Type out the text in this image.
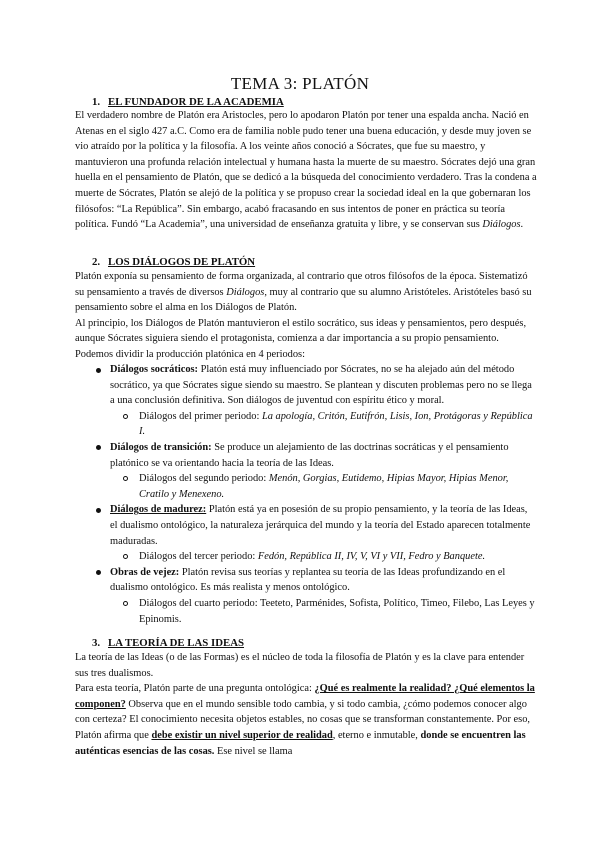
TEMA 3: PLATÓN
1. EL FUNDADOR DE LA ACADEMIA

El verdadero nombre de Platón era Aristocles, pero lo apodaron Platón por tener una espalda ancha. Nació en Atenas en el siglo 427 a.C. Como era de familia noble pudo tener una buena educación, y desde muy joven se vio atraído por la política y la filosofía. A los veinte años conoció a Sócrates, que fue su maestro, y mantuvieron una profunda relación intelectual y humana hasta la muerte de su maestro. Sócrates dejó una gran huella en el pensamiento de Platón, que se dedicó a la búsqueda del conocimiento verdadero. Tras la condena a muerte de Sócrates, Platón se alejó de la política y se propuso crear la sociedad ideal en la que gobernaran los filósofos: “La República”. Sin embargo, acabó fracasando en sus intentos de poner en práctica su teoría política. Fundó “La Academia”, una universidad de enseñanza gratuita y libre, y se conservan sus Diálogos.

2. LOS DIÁLOGOS DE PLATÓN

Platón exponía su pensamiento de forma organizada, al contrario que otros filósofos de la época. Sistematizó su pensamiento a través de diversos Diálogos, muy al contrario que su alumno Aristóteles. Aristóteles basó su pensamiento sobre el alma en los Diálogos de Platón.

Al principio, los Diálogos de Platón mantuvieron el estilo socrático, sus ideas y pensamientos, pero después, aunque Sócrates siguiera siendo el protagonista, comienza a dar importancia a su propio pensamiento. Podemos dividir la producción platónica en 4 periodos:

Diálogos socráticos: Platón está muy influenciado por Sócrates, no se ha alejado aún del método socrático, ya que Sócrates sigue siendo su maestro. Se plantean y discuten problemas pero no se llega a una conclusión definitiva. Son diálogos de juventud con espíritu ético y moral.
Diálogos del primer periodo: La apología, Critón, Eutifrón, Lisis, Ion, Protágoras y República I.
Diálogos de transición: Se produce un alejamiento de las doctrinas socráticas y el pensamiento platónico se va orientando hacia la teoría de las Ideas.
Diálogos del segundo periodo: Menón, Gorgias, Eutidemo, Hipias Mayor, Hipias Menor, Cratilo y Menexeno.
Diálogos de madurez: Platón está ya en posesión de su propio pensamiento, y la teoría de las Ideas, el dualismo ontológico, la naturaleza jerárquica del mundo y la teoría del Estado aparecen totalmente maduradas.
Diálogos del tercer periodo: Fedón, República II, IV, V, VI y VII, Fedro y Banquete.
Obras de vejez: Platón revisa sus teorías y replantea su teoría de las Ideas profundizando en el dualismo ontológico. Es más realista y menos ontológico.
Diálogos del cuarto periodo: Teeteto, Parménides, Sofista, Político, Timeo, Filebo, Las Leyes y Epinomis.
3. LA TEORÍA DE LAS IDEAS

La teoría de las Ideas (o de las Formas) es el núcleo de toda la filosofía de Platón y es la clave para entender sus tres dualismos.

Para esta teoría, Platón parte de una pregunta ontológica: ¿Qué es realmente la realidad? ¿Qué elementos la componen? Observa que en el mundo sensible todo cambia, y si todo cambia, ¿cómo podemos conocer algo con certeza? El conocimiento necesita objetos estables, no cosas que se transforman constantemente. Por eso, Platón afirma que debe existir un nivel superior de realidad, eterno e inmutable, donde se encuentren las auténticas esencias de las cosas. Ese nivel se llama
